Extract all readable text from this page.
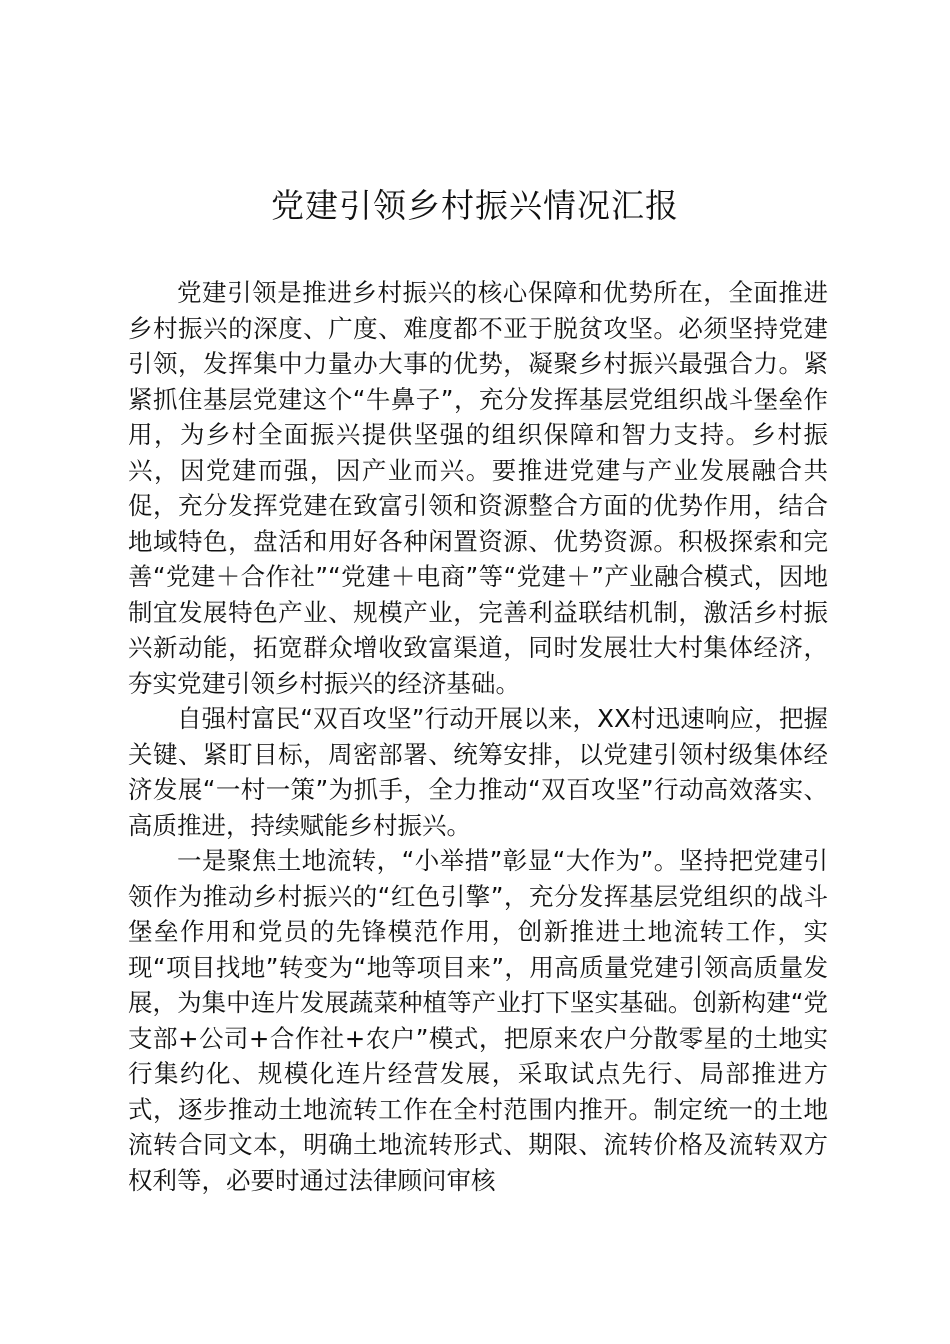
党建引领乡村振兴情况汇报

党建引领是推进乡村振兴的核心保障和优势所在，全面推进乡村振兴的深度、广度、难度都不亚于脱贫攻坚。必须坚持党建引领，发挥集中力量办大事的优势，凝聚乡村振兴最强合力。紧紧抓住基层党建这个“牛鼻子”，充分发挥基层党组织战斗堡垒作用，为乡村全面振兴提供坚强的组织保障和智力支持。乡村振兴，因党建而强，因产业而兴。要推进党建与产业发展融合共促，充分发挥党建在致富引领和资源整合方面的优势作用，结合地域特色，盘活和用好各种闲置资源、优势资源。积极探索和完善“党建＋合作社”“党建＋电商”等“党建＋”产业融合模式，因地制宜发展特色产业、规模产业，完善利益联结机制，激活乡村振兴新动能，拓宽群众增收致富渠道，同时发展壮大村集体经济，夯实党建引领乡村振兴的经济基础。

自强村富民“双百攻坚”行动开展以来，XX村迅速响应，把握关键、紧盯目标，周密部署、统筹安排，以党建引领村级集体经济发展“一村一策”为抓手，全力推动“双百攻坚”行动高效落实、高质推进，持续赋能乡村振兴。

一是聚焦土地流转，“小举措”彰显“大作为”。坚持把党建引领作为推动乡村振兴的“红色引擎”，充分发挥基层党组织的战斗堡垒作用和党员的先锋模范作用，创新推进土地流转工作，实现“项目找地”转变为“地等项目来”，用高质量党建引领高质量发展，为集中连片发展蔬菜种植等产业打下坚实基础。创新构建“党支部+公司+合作社+农户”模式，把原来农户分散零星的土地实行集约化、规模化连片经营发展，采取试点先行、局部推进方式，逐步推动土地流转工作在全村范围内推开。制定统一的土地流转合同文本，明确土地流转形式、期限、流转价格及流转双方权利等，必要时通过法律顾问审核
